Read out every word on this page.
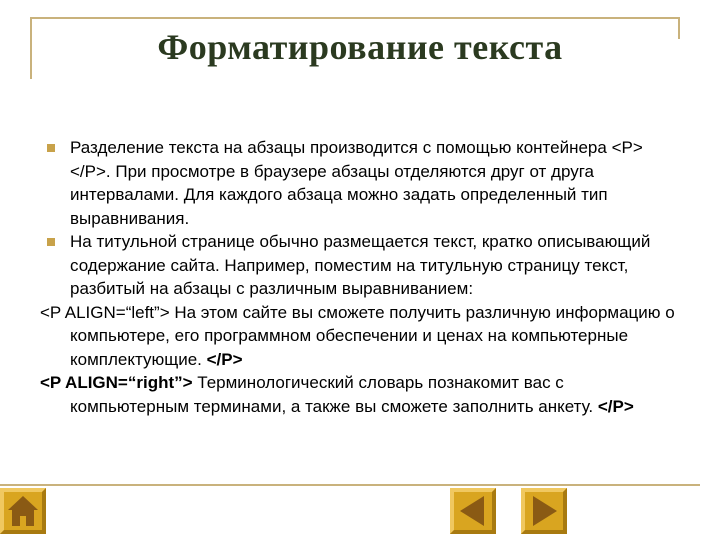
Форматирование текста
Разделение текста на абзацы производится с помощью контейнера <P> </P>. При просмотре в браузере абзацы отделяются друг от друга интервалами. Для каждого абзаца можно задать определенный тип выравнивания.
На титульной странице обычно размещается текст, кратко описывающий содержание сайта. Например, поместим на титульную страницу текст, разбитый на абзацы с различным выравниванием:
<P ALIGN=“left”> На этом сайте вы сможете получить различную информацию о компьютере, его программном обеспечении и ценах на компьютерные комплектующие. </P>
<P ALIGN=“right”> Терминологический словарь познакомит вас с компьютерным терминами, а также вы сможете заполнить анкету. </P>
